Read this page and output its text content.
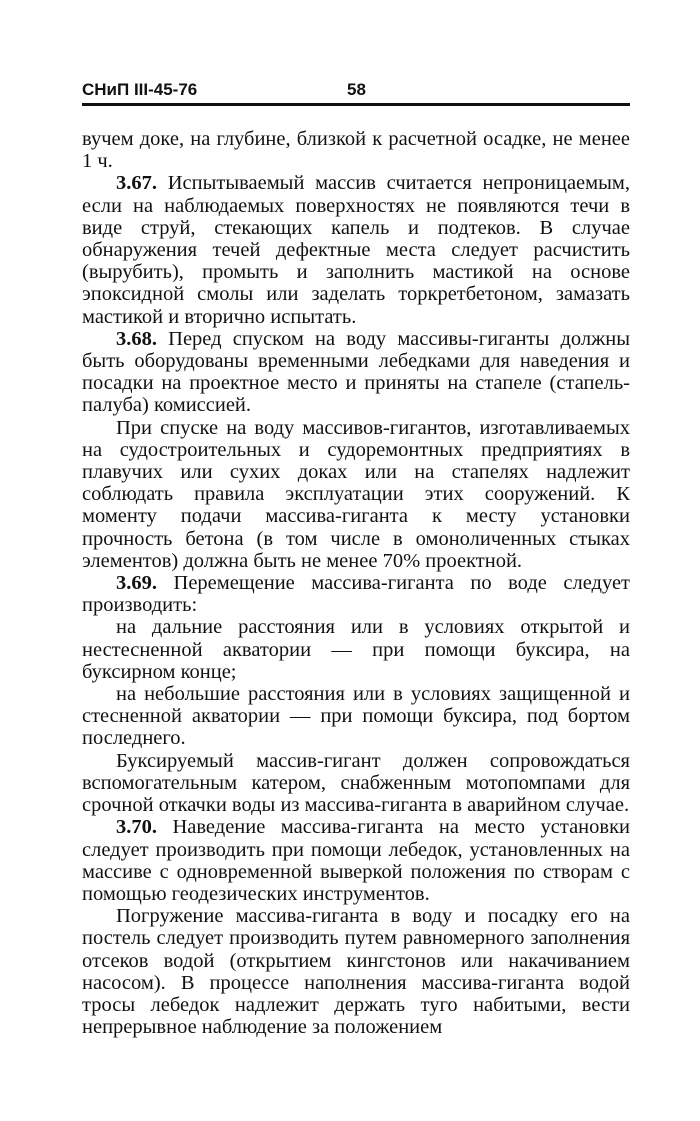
СНиП III-45-76	58

вучем доке, на глубине, близкой к расчетной осадке, не менее 1 ч.

3.67. Испытываемый массив считается непроницаемым, если на наблюдаемых поверхностях не появляются течи в виде струй, стекающих капель и подтеков. В случае обнаружения течей дефектные места следует расчистить (вырубить), промыть и заполнить мастикой на основе эпоксидной смолы или заделать торкретбетоном, замазать мастикой и вторично испытать.

3.68. Перед спуском на воду массивы-гиганты должны быть оборудованы временными лебедками для наведения и посадки на проектное место и приняты на стапеле (стапель-палуба) комиссией.

При спуске на воду массивов-гигантов, изготавливаемых на судостроительных и судоремонтных предприятиях в плавучих или сухих доках или на стапелях надлежит соблюдать правила эксплуатации этих сооружений. К моменту подачи массива-гиганта к месту установки прочность бетона (в том числе в омоноличенных стыках элементов) должна быть не менее 70% проектной.

3.69. Перемещение массива-гиганта по воде следует производить:

на дальние расстояния или в условиях открытой и нестесненной акватории — при помощи буксира, на буксирном конце;

на небольшие расстояния или в условиях защищенной и стесненной акватории — при помощи буксира, под бортом последнего.

Буксируемый массив-гигант должен сопровождаться вспомогательным катером, снабженным мотопомпами для срочной откачки воды из массива-гиганта в аварийном случае.

3.70. Наведение массива-гиганта на место установки следует производить при помощи лебедок, установленных на массиве с одновременной выверкой положения по створам с помощью геодезических инструментов.

Погружение массива-гиганта в воду и посадку его на постель следует производить путем равномерного заполнения отсеков водой (открытием кингстонов или накачиванием насосом). В процессе наполнения массива-гиганта водой тросы лебедок надлежит держать туго набитыми, вести непрерывное наблюдение за положением
